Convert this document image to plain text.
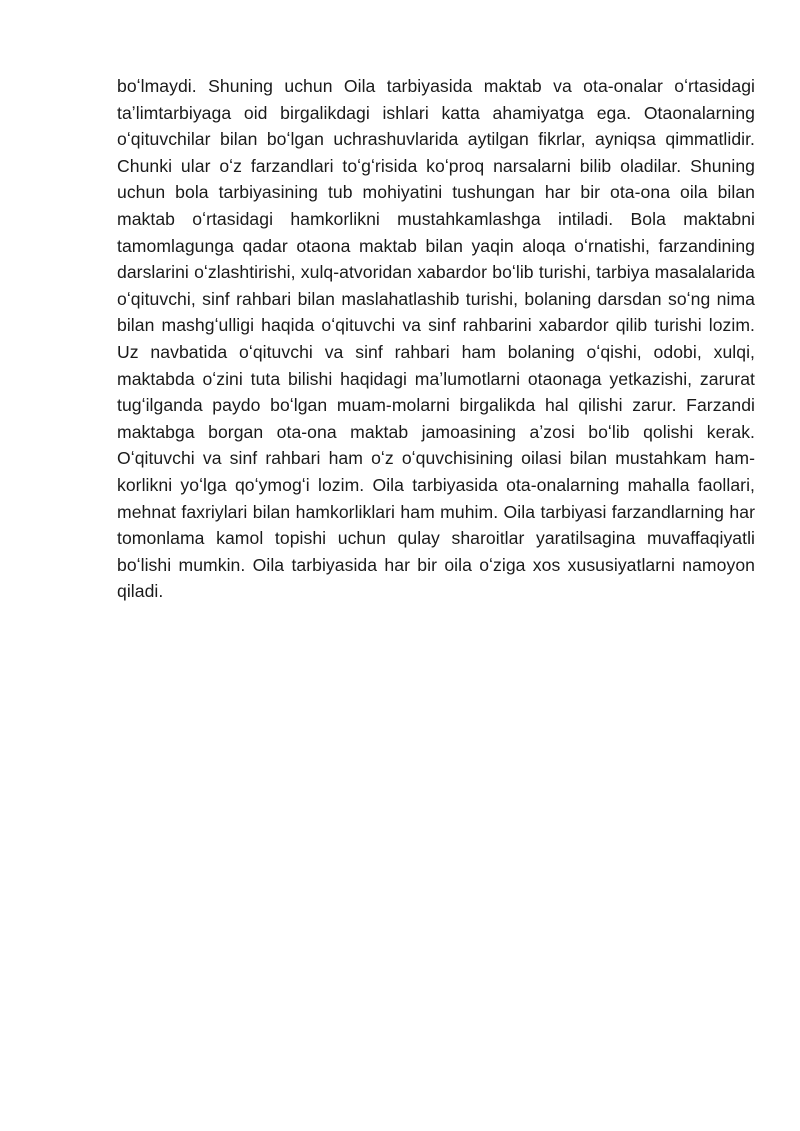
boʻlmaydi. Shuning uchun Oila tarbiyasida maktab va ota-onalar oʻrtasidagi taʼlimtarbiyaga oid birgalikdagi ishlari katta ahamiyatga ega. Otaonalarning oʻqituvchilar bilan boʻlgan uchrashuvlarida aytilgan fikrlar, ayniqsa qimmatlidir. Chunki ular oʻz farzandlari toʻgʻrisida koʻproq narsalarni bilib oladilar. Shuning uchun bola tarbiyasining tub mohiyatini tushungan har bir ota-ona oila bilan maktab oʻrtasidagi hamkorlikni mustahkamlashga intiladi. Bola maktabni tamomlagunga qadar otaona maktab bilan yaqin aloqa oʻrnatishi, farzandining darslarini oʻzlashtirishi, xulq-atvoridan xabardor boʻlib turishi, tarbiya masalalarida oʻqituvchi, sinf rahbari bilan maslahatlashib turishi, bolaning darsdan soʻng nima bilan mashgʻulligi haqida oʻqituvchi va sinf rahbarini xabardor qilib turishi lozim. Uz navbatida oʻqituvchi va sinf rahbari ham bolaning oʻqishi, odobi, xulqi, maktabda oʻzini tuta bilishi haqidagi maʼlumotlarni otaonaga yetkazishi, zarurat tugʻilganda paydo boʻlgan muam-molarni birgalikda hal qilishi zarur. Farzandi maktabga borgan ota-ona maktab jamoasining aʼzosi boʻlib qolishi kerak. Oʻqituvchi va sinf rahbari ham oʻz oʻquvchisining oilasi bilan mustahkam ham-korlikni yoʻlga qoʻymogʻi lozim. Oila tarbiyasida ota-onalarning mahalla faollari, mehnat faxriylari bilan hamkorliklari ham muhim. Oila tarbiyasi farzandlarning har tomonlama kamol topishi uchun qulay sharoitlar yaratilsagina muvaffaqiyatli boʻlishi mumkin. Oila tarbiyasida har bir oila oʻziga xos xususiyatlarni namoyon qiladi.
